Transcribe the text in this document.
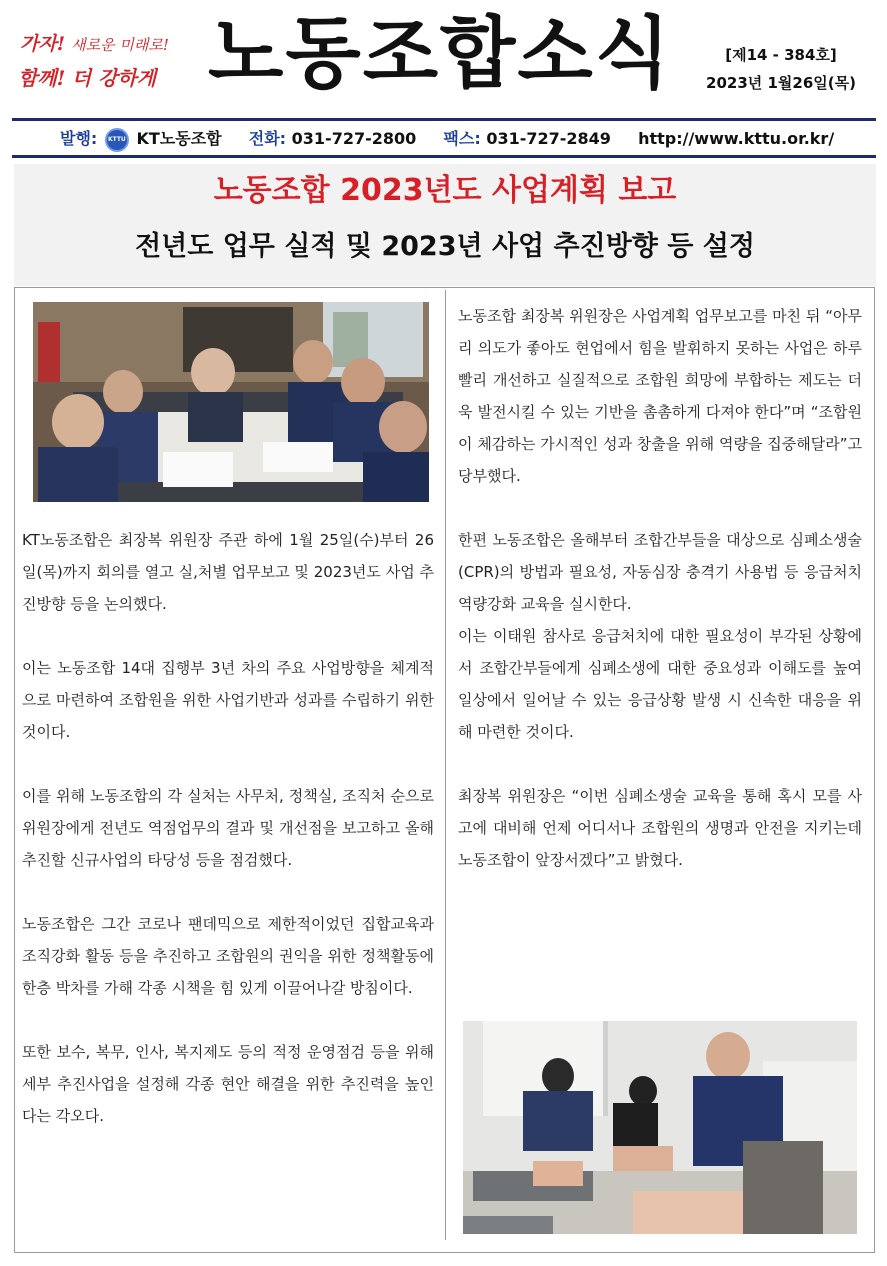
가자! 새로운 미래로!
함께! 더 강하게 노동조합소식	[제14 - 384호]
2023년 1월26일(목)
발행: KTTU KT노동조합 전화: 031-727-2800 팩스: 031-727-2849 http://www.kttu.or.kr/
노동조합 2023년도 사업계획 보고
전년도 업무 실적 및 2023년 사업 추진방향 등 설정

KT노동조합은 최장복 위원장 주관 하에 1월 25일(수)부터 26일(목)까지 회의를 열고 실,처별 업무보고 및 2023년도 사업 추진방향 등을 논의했다.

이는 노동조합 14대 집행부 3년 차의 주요 사업방향을 체계적으로 마련하여 조합원을 위한 사업기반과 성과를 수립하기 위한 것이다.

이를 위해 노동조합의 각 실처는 사무처, 정책실, 조직처 순으로 위원장에게 전년도 역점업무의 결과 및 개선점을 보고하고 올해 추진할 신규사업의 타당성 등을 점검했다.

노동조합은 그간 코로나 팬데믹으로 제한적이었던 집합교육과 조직강화 활동 등을 추진하고 조합원의 권익을 위한 정책활동에 한층 박차를 가해 각종 시책을 힘 있게 이끌어나갈 방침이다.

또한 보수, 복무, 인사, 복지제도 등의 적정 운영점검 등을 위해 세부 추진사업을 설정해 각종 현안 해결을 위한 추진력을 높인다는 각오다.

노동조합 최장복 위원장은 사업계획 업무보고를 마친 뒤 “아무리 의도가 좋아도 현업에서 힘을 발휘하지 못하는 사업은 하루빨리 개선하고 실질적으로 조합원 희망에 부합하는 제도는 더욱 발전시킬 수 있는 기반을 촘촘하게 다져야 한다”며 “조합원이 체감하는 가시적인 성과 창출을 위해 역량을 집중해달라”고 당부했다.

한편 노동조합은 올해부터 조합간부들을 대상으로 심폐소생술(CPR)의 방법과 필요성, 자동심장 충격기 사용법 등 응급처치 역량강화 교육을 실시한다.

이는 이태원 참사로 응급처치에 대한 필요성이 부각된 상황에서 조합간부들에게 심폐소생에 대한 중요성과 이해도를 높여 일상에서 일어날 수 있는 응급상황 발생 시 신속한 대응을 위해 마련한 것이다.

최장복 위원장은 “이번 심폐소생술 교육을 통해 혹시 모를 사고에 대비해 언제 어디서나 조합원의 생명과 안전을 지키는데 노동조합이 앞장서겠다”고 밝혔다.
